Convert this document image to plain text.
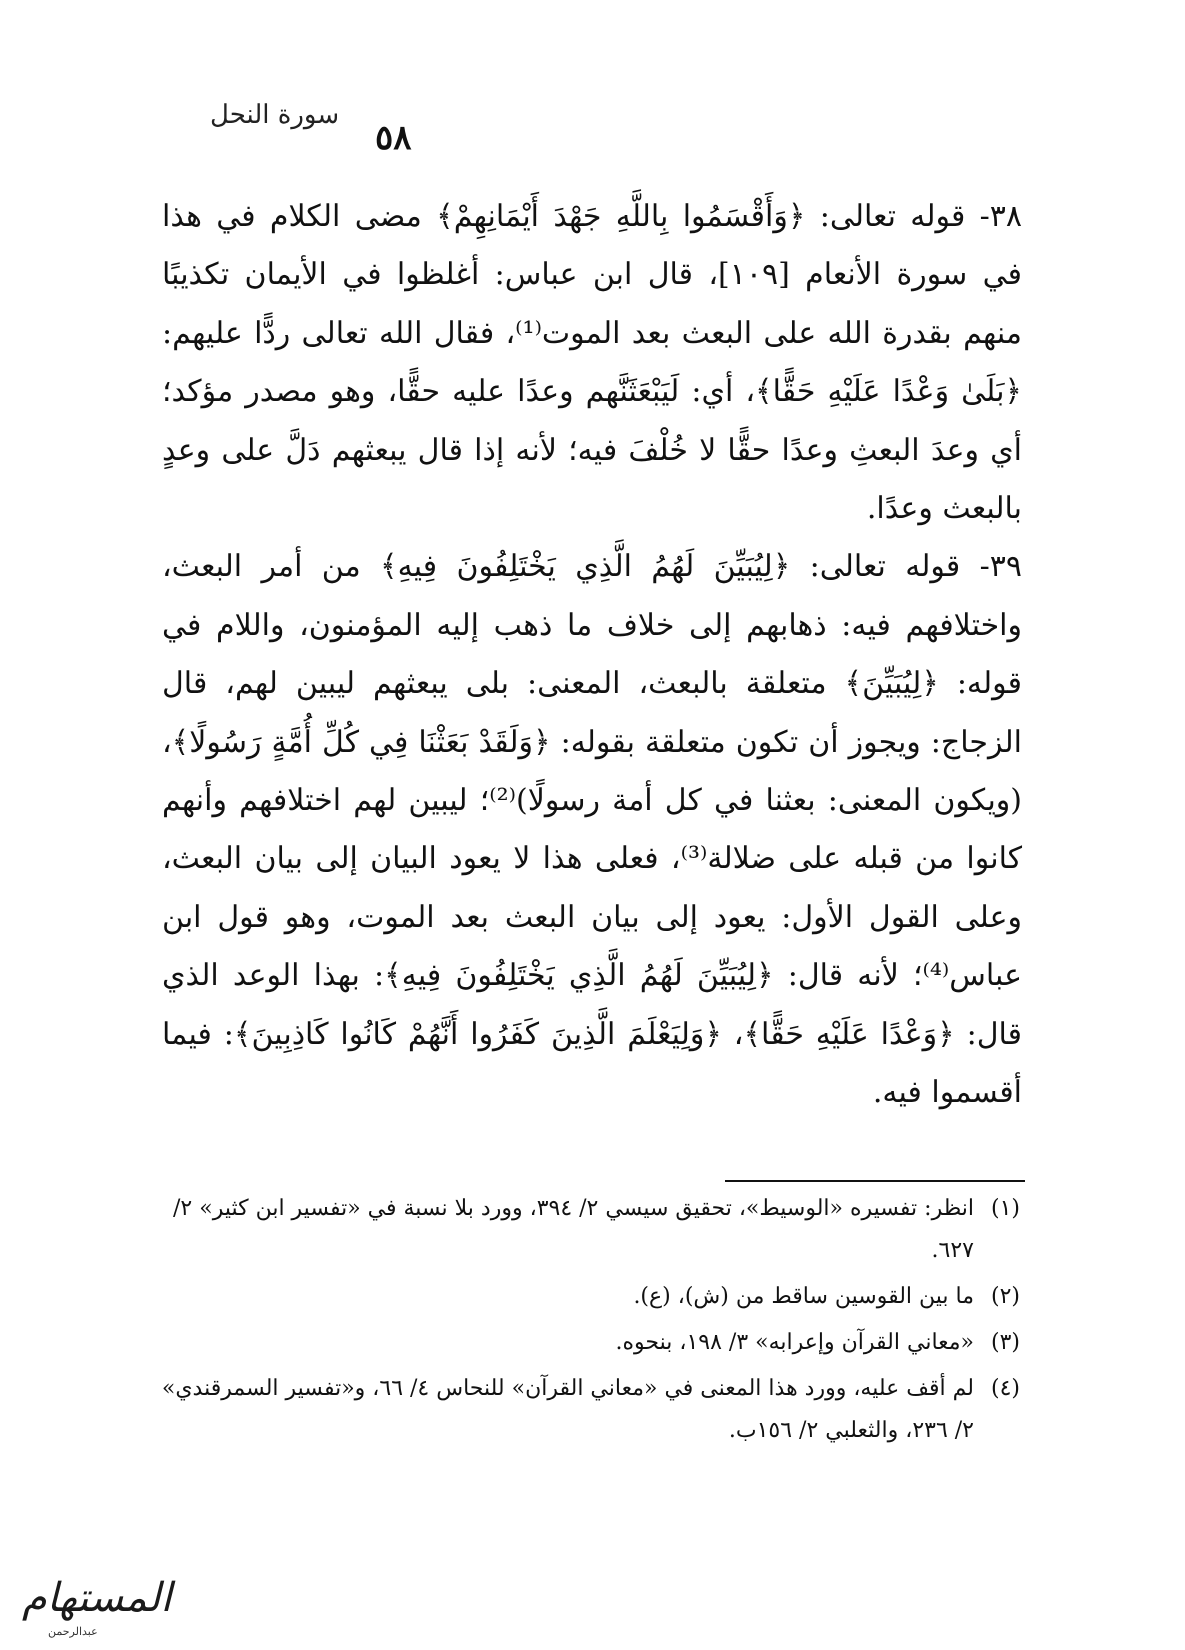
سورة النحل
٥٨

٣٨- قوله تعالى: ﴿وَأَقْسَمُوا بِاللَّهِ جَهْدَ أَيْمَانِهِمْ﴾ مضى الكلام في هذا في سورة الأنعام [١٠٩]، قال ابن عباس: أغلظوا في الأيمان تكذيبًا منهم بقدرة الله على البعث بعد الموت⁽¹⁾، فقال الله تعالى ردًّا عليهم: ﴿بَلَىٰ وَعْدًا عَلَيْهِ حَقًّا﴾، أي: لَيَبْعَثَنَّهم وعدًا عليه حقًّا، وهو مصدر مؤكد؛ أي وعدَ البعثِ وعدًا حقًّا لا خُلْفَ فيه؛ لأنه إذا قال يبعثهم دَلَّ على وعدٍ بالبعث وعدًا.

٣٩- قوله تعالى: ﴿لِيُبَيِّنَ لَهُمُ الَّذِي يَخْتَلِفُونَ فِيهِ﴾ من أمر البعث، واختلافهم فيه: ذهابهم إلى خلاف ما ذهب إليه المؤمنون، واللام في قوله: ﴿لِيُبَيِّنَ﴾ متعلقة بالبعث، المعنى: بلى يبعثهم ليبين لهم، قال الزجاج: ويجوز أن تكون متعلقة بقوله: ﴿وَلَقَدْ بَعَثْنَا فِي كُلِّ أُمَّةٍ رَسُولًا﴾، (ويكون المعنى: بعثنا في كل أمة رسولًا)⁽²⁾؛ ليبين لهم اختلافهم وأنهم كانوا من قبله على ضلالة⁽³⁾، فعلى هذا لا يعود البيان إلى بيان البعث، وعلى القول الأول: يعود إلى بيان البعث بعد الموت، وهو قول ابن عباس⁽⁴⁾؛ لأنه قال: ﴿لِيُبَيِّنَ لَهُمُ الَّذِي يَخْتَلِفُونَ فِيهِ﴾: بهذا الوعد الذي قال: ﴿وَعْدًا عَلَيْهِ حَقًّا﴾، ﴿وَلِيَعْلَمَ الَّذِينَ كَفَرُوا أَنَّهُمْ كَانُوا كَاذِبِينَ﴾: فيما أقسموا فيه.

(١)
انظر: تفسيره «الوسيط»، تحقيق سيسي ٢/ ٣٩٤، وورد بلا نسبة في «تفسير ابن كثير» ٢/ ٦٢٧.
(٢)
ما بين القوسين ساقط من (ش)، (ع).
(٣)
«معاني القرآن وإعرابه» ٣/ ١٩٨، بنحوه.
(٤)
لم أقف عليه، وورد هذا المعنى في «معاني القرآن» للنحاس ٤/ ٦٦، و«تفسير السمرقندي» ٢/ ٢٣٦، والثعلبي ٢/ ١٥٦ب.
المستهام
عبدالرحمن
